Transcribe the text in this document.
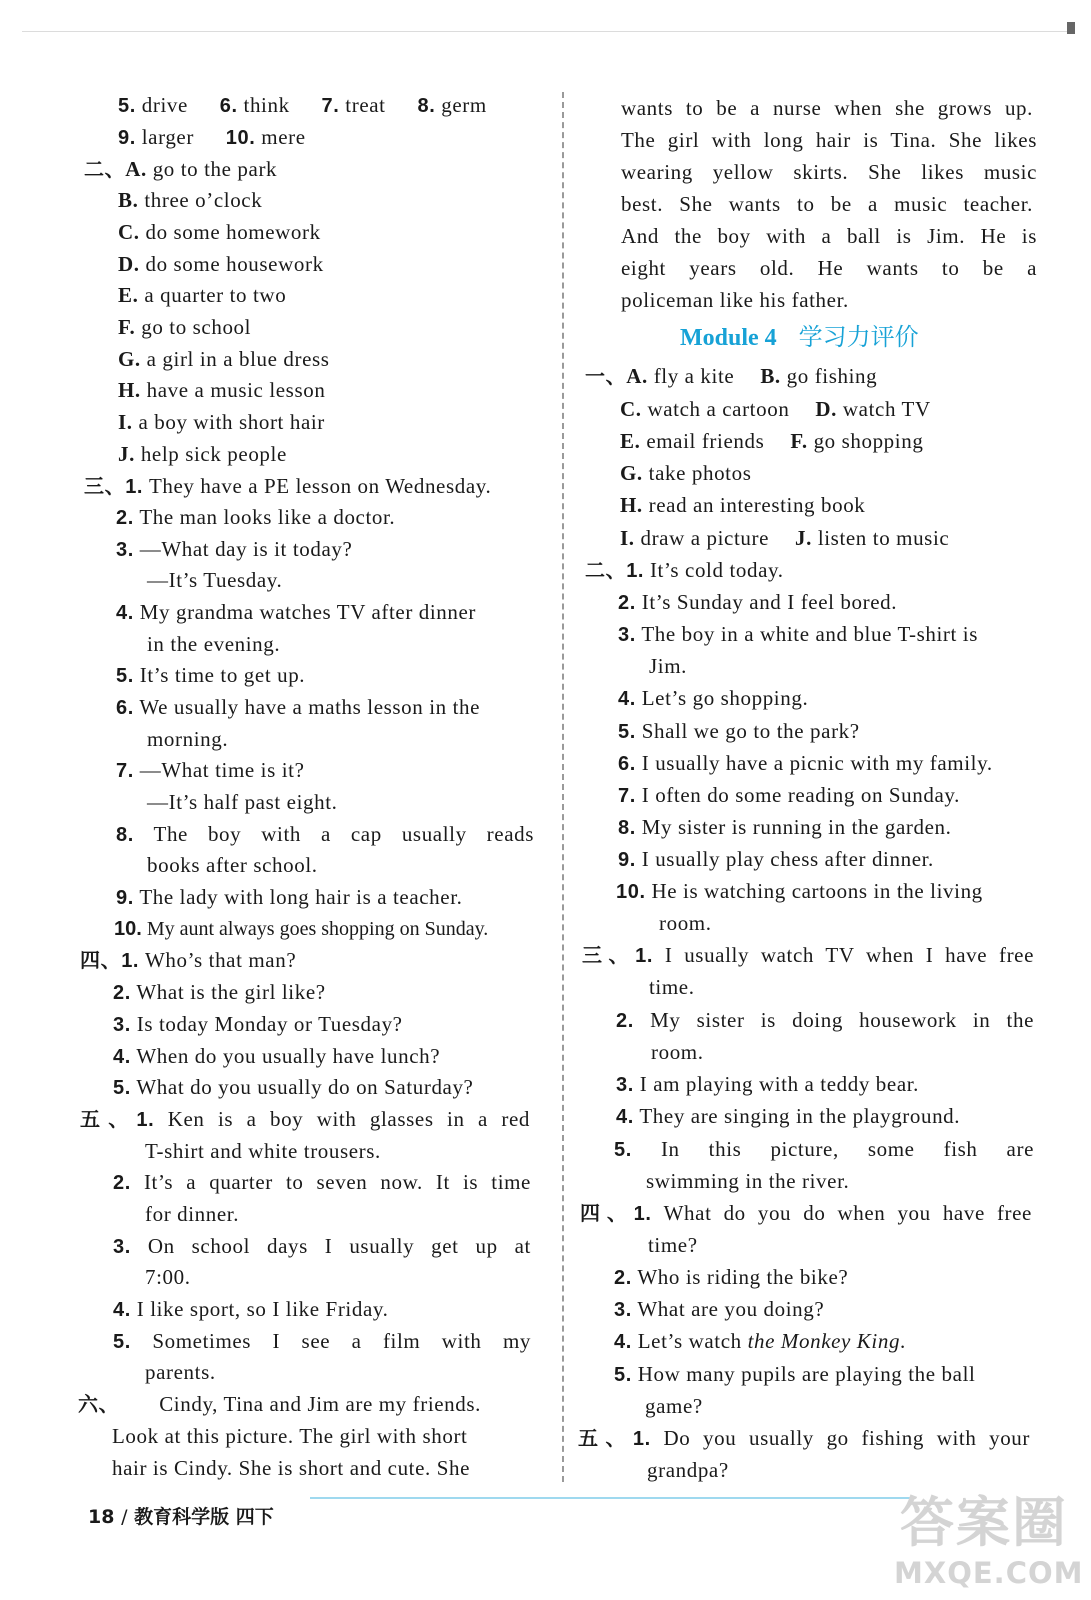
5. drive 6. think 7. treat 8. germ
9. larger 10. mere
二、A. go to the park
B. three o’clock
C. do some homework
D. do some housework
E. a quarter to two
F. go to school
G. a girl in a blue dress
H. have a music lesson
I. a boy with short hair
J. help sick people
三、1. They have a PE lesson on Wednesday.
2. The man looks like a doctor.
3. —What day is it today?
—It’s Tuesday.
4. My grandma watches TV after dinner
in the evening.
5. It’s time to get up.
6. We usually have a maths lesson in the
morning.
7. —What time is it?
—It’s half past eight.
8. The boy with a cap usually reads
books after school.
9. The lady with long hair is a teacher.
10. My aunt always goes shopping on Sunday.
四、1. Who’s that man?
2. What is the girl like?
3. Is today Monday or Tuesday?
4. When do you usually have lunch?
5. What do you usually do on Saturday?
五、1. Ken is a boy with glasses in a red
T-shirt and white trousers.
2. It’s a quarter to seven now. It is time
for dinner.
3. On school days I usually get up at
7:00.
4. I like sport, so I like Friday.
5. Sometimes I see a film with my
parents.
六、 Cindy, Tina and Jim are my friends.
Look at this picture. The girl with short
hair is Cindy. She is short and cute. She
wants to be a nurse when she grows up.
The girl with long hair is Tina. She likes
wearing yellow skirts. She likes music
best. She wants to be a music teacher.
And the boy with a ball is Jim. He is
eight years old. He wants to be a
policeman like his father.
Module 4 学习力评价
一、A. fly a kite B. go fishing
C. watch a cartoon D. watch TV
E. email friends F. go shopping
G. take photos
H. read an interesting book
I. draw a picture J. listen to music
二、1. It’s cold today.
2. It’s Sunday and I feel bored.
3. The boy in a white and blue T-shirt is
Jim.
4. Let’s go shopping.
5. Shall we go to the park?
6. I usually have a picnic with my family.
7. I often do some reading on Sunday.
8. My sister is running in the garden.
9. I usually play chess after dinner.
10. He is watching cartoons in the living
room.
三、1. I usually watch TV when I have free
time.
2. My sister is doing housework in the
room.
3. I am playing with a teddy bear.
4. They are singing in the playground.
5. In this picture, some fish are
swimming in the river.
四、1. What do you do when you have free
time?
2. Who is riding the bike?
3. What are you doing?
4. Let’s watch the Monkey King.
5. How many pupils are playing the ball
game?
五、1. Do you usually go fishing with your
grandpa?
18 / 教育科学版 四下	答案圈
MXQE.COM
